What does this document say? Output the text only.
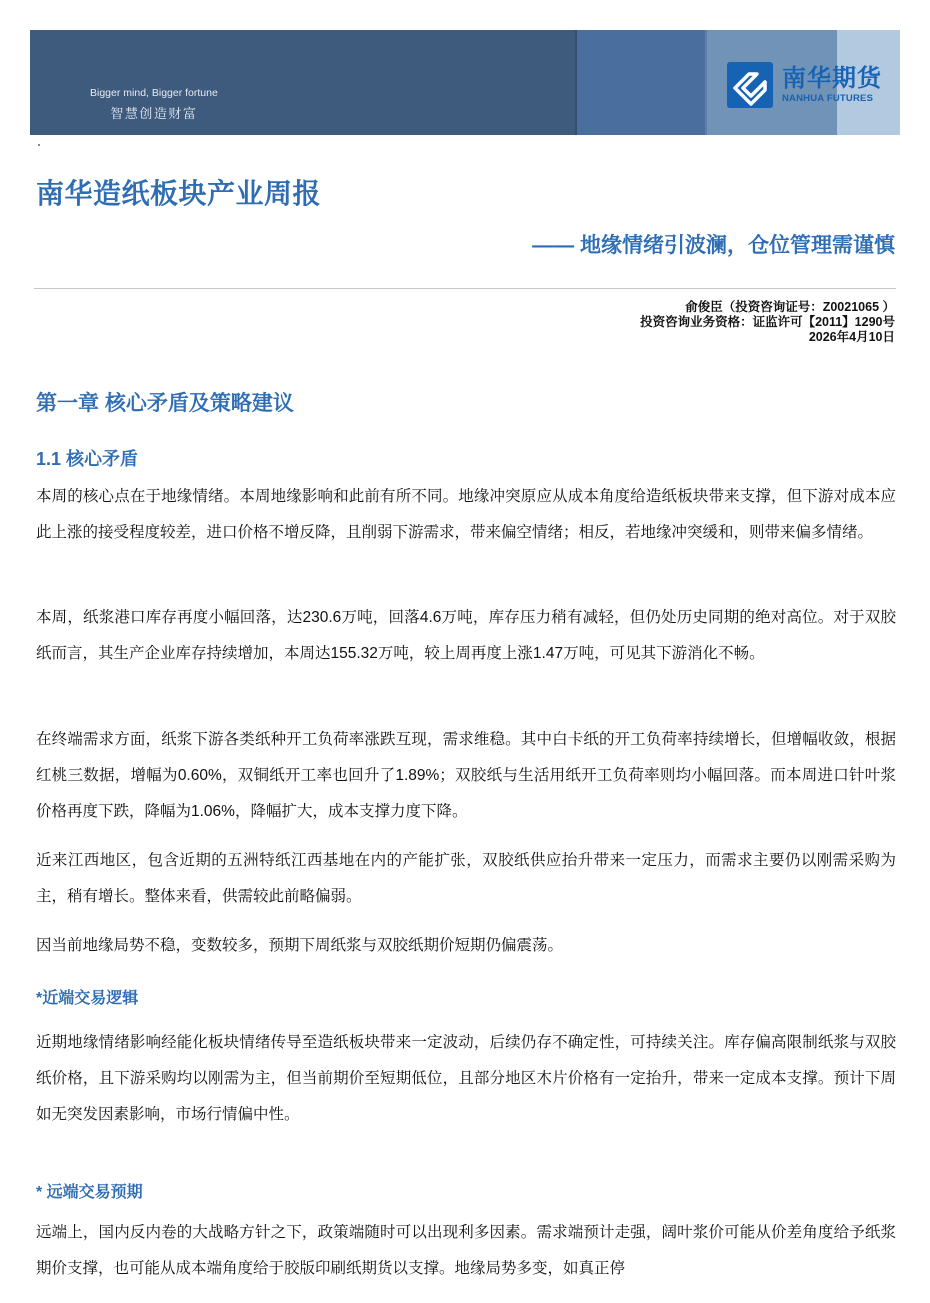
Bigger mind, Bigger fortune
智慧创造财富
南华期货
NANHUA FUTURES
南华造纸板块产业周报
—— 地缘情绪引波澜，仓位管理需谨慎
俞俊臣（投资咨询证号：Z0021065 ）
投资咨询业务资格：证监许可【2011】1290号
2026年4月10日
第一章 核心矛盾及策略建议
1.1 核心矛盾
本周的核心点在于地缘情绪。本周地缘影响和此前有所不同。地缘冲突原应从成本角度给造纸板块带来支撑，但下游对成本应此上涨的接受程度较差，进口价格不增反降，且削弱下游需求，带来偏空情绪；相反，若地缘冲突缓和，则带来偏多情绪。
本周，纸浆港口库存再度小幅回落，达230.6万吨，回落4.6万吨，库存压力稍有减轻，但仍处历史同期的绝对高位。对于双胶纸而言，其生产企业库存持续增加，本周达155.32万吨，较上周再度上涨1.47万吨，可见其下游消化不畅。
在终端需求方面，纸浆下游各类纸种开工负荷率涨跌互现，需求维稳。其中白卡纸的开工负荷率持续增长，但增幅收敛，根据红桃三数据，增幅为0.60%，双铜纸开工率也回升了1.89%；双胶纸与生活用纸开工负荷率则均小幅回落。而本周进口针叶浆价格再度下跌，降幅为1.06%，降幅扩大，成本支撑力度下降。
近来江西地区，包含近期的五洲特纸江西基地在内的产能扩张，双胶纸供应抬升带来一定压力，而需求主要仍以刚需采购为主，稍有增长。整体来看，供需较此前略偏弱。
因当前地缘局势不稳，变数较多，预期下周纸浆与双胶纸期价短期仍偏震荡。
*近端交易逻辑
近期地缘情绪影响经能化板块情绪传导至造纸板块带来一定波动，后续仍存不确定性，可持续关注。库存偏高限制纸浆与双胶纸价格，且下游采购均以刚需为主，但当前期价至短期低位，且部分地区木片价格有一定抬升，带来一定成本支撑。预计下周如无突发因素影响，市场行情偏中性。
* 远端交易预期
远端上，国内反内卷的大战略方针之下，政策端随时可以出现利多因素。需求端预计走强，阔叶浆价可能从价差角度给予纸浆期价支撑，也可能从成本端角度给于胶版印刷纸期货以支撑。地缘局势多变，如真正停
